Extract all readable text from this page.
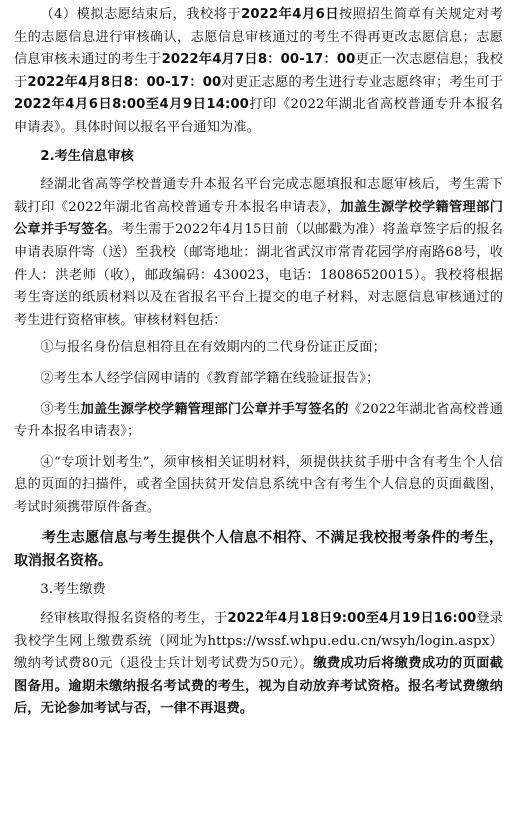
（4）模拟志愿结束后，我校将于2022年4月6日按照招生简章有关规定对考生的志愿信息进行审核确认，志愿信息审核通过的考生不得再更改志愿信息；志愿信息审核未通过的考生于2022年4月7日8：00-17：00更正一次志愿信息；我校于2022年4月8日8：00-17：00对更正志愿的考生进行专业志愿终审；考生可于2022年4月6日8:00至4月9日14:00打印《2022年湖北省高校普通专升本报名申请表》。具体时间以报名平台通知为准。

2.考生信息审核

经湖北省高等学校普通专升本报名平台完成志愿填报和志愿审核后，考生需下载打印《2022年湖北省高校普通专升本报名申请表》，加盖生源学校学籍管理部门公章并手写签名。考生需于2022年4月15日前（以邮戳为准）将盖章签字后的报名申请表原件寄（送）至我校（邮寄地址：湖北省武汉市常青花园学府南路68号，收件人：洪老师（收），邮政编码：430023，电话：18086520015）。我校将根据考生寄送的纸质材料以及在省报名平台上提交的电子材料，对志愿信息审核通过的考生进行资格审核。审核材料包括：

①与报名身份信息相符且在有效期内的二代身份证正反面；

②考生本人经学信网申请的《教育部学籍在线验证报告》；

③考生加盖生源学校学籍管理部门公章并手写签名的《2022年湖北省高校普通专升本报名申请表》；

④“专项计划考生”，须审核相关证明材料，须提供扶贫手册中含有考生个人信息的页面的扫描件，或者全国扶贫开发信息系统中含有考生个人信息的页面截图，考试时须携带原件备查。

考生志愿信息与考生提供个人信息不相符、不满足我校报考条件的考生，取消报名资格。

3.考生缴费

经审核取得报名资格的考生，于2022年4月18日9:00至4月19日16:00登录我校学生网上缴费系统（网址为https://wssf.whpu.edu.cn/wsyh/login.aspx）缴纳考试费80元（退役士兵计划考试费为50元）。缴费成功后将缴费成功的页面截图备用。逾期未缴纳报名考试费的考生，视为自动放弃考试资格。报名考试费缴纳后，无论参加考试与否，一律不再退费。
